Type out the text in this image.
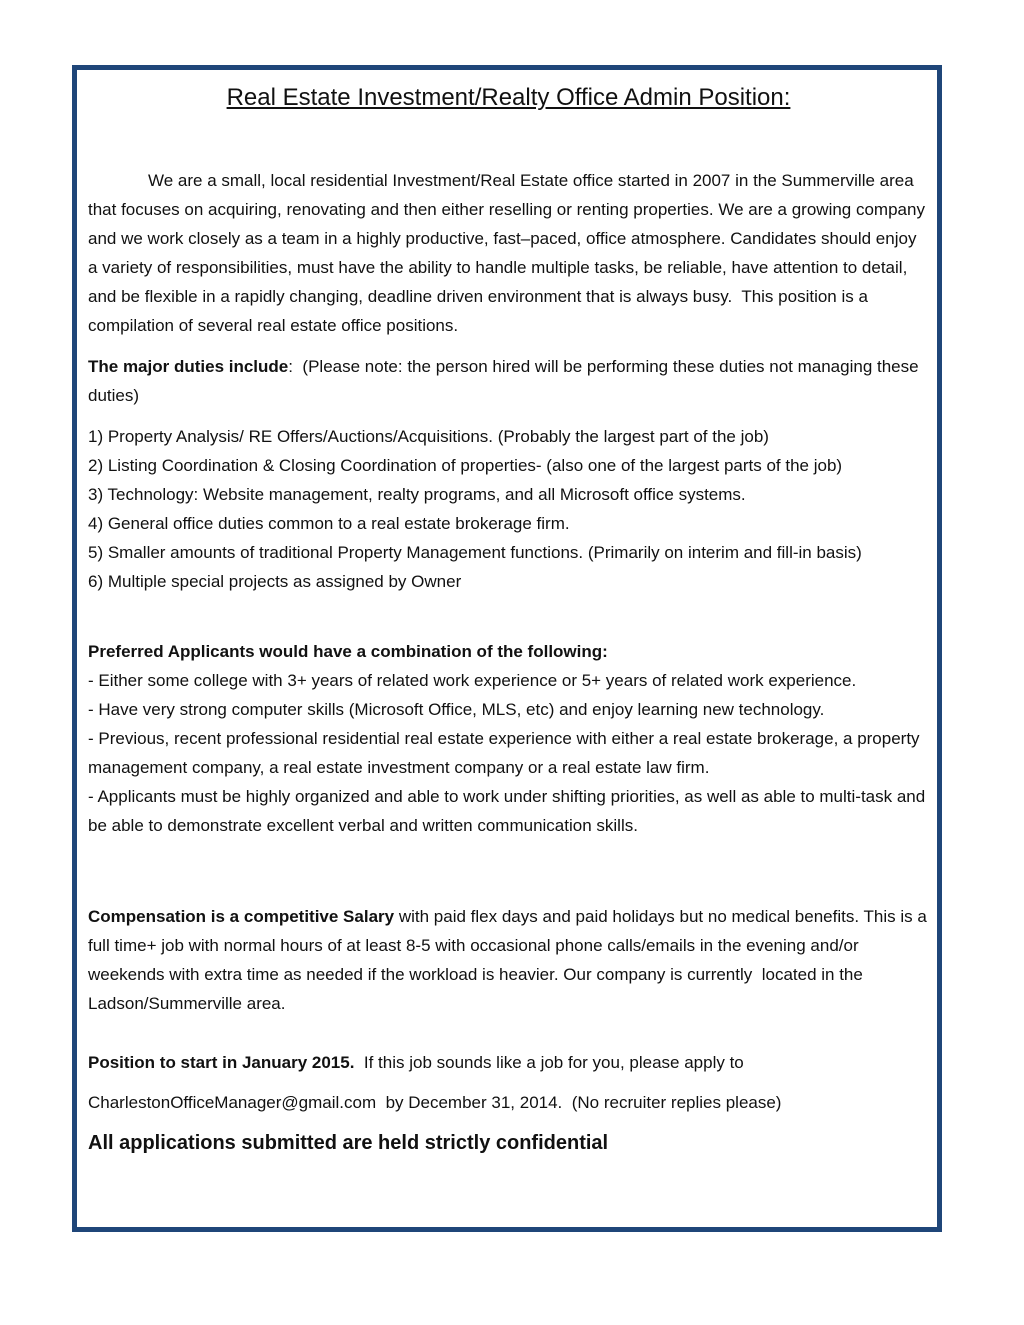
Real Estate Investment/Realty Office Admin Position:

We are a small, local residential Investment/Real Estate office started in 2007 in the Summerville area that focuses on acquiring, renovating and then either reselling or renting properties. We are a growing company and we work closely as a team in a highly productive, fast–paced, office atmosphere. Candidates should enjoy a variety of responsibilities, must have the ability to handle multiple tasks, be reliable, have attention to detail, and be flexible in a rapidly changing, deadline driven environment that is always busy.  This position is a compilation of several real estate office positions.

The major duties include:  (Please note: the person hired will be performing these duties not managing these duties)

1) Property Analysis/ RE Offers/Auctions/Acquisitions. (Probably the largest part of the job)
2) Listing Coordination & Closing Coordination of properties- (also one of the largest parts of the job)
3) Technology: Website management, realty programs, and all Microsoft office systems.
4) General office duties common to a real estate brokerage firm.
5) Smaller amounts of traditional Property Management functions. (Primarily on interim and fill-in basis)
6) Multiple special projects as assigned by Owner

Preferred Applicants would have a combination of the following:

- Either some college with 3+ years of related work experience or 5+ years of related work experience.
- Have very strong computer skills (Microsoft Office, MLS, etc) and enjoy learning new technology.
- Previous, recent professional residential real estate experience with either a real estate brokerage, a property management company, a real estate investment company or a real estate law firm.
- Applicants must be highly organized and able to work under shifting priorities, as well as able to multi-task and be able to demonstrate excellent verbal and written communication skills.

Compensation is a competitive Salary with paid flex days and paid holidays but no medical benefits. This is a full time+ job with normal hours of at least 8-5 with occasional phone calls/emails in the evening and/or weekends with extra time as needed if the workload is heavier. Our company is currently  located in the Ladson/Summerville area.

Position to start in January 2015.  If this job sounds like a job for you, please apply to

CharlestonOfficeManager@gmail.com  by December 31, 2014.  (No recruiter replies please)

All applications submitted are held strictly confidential
